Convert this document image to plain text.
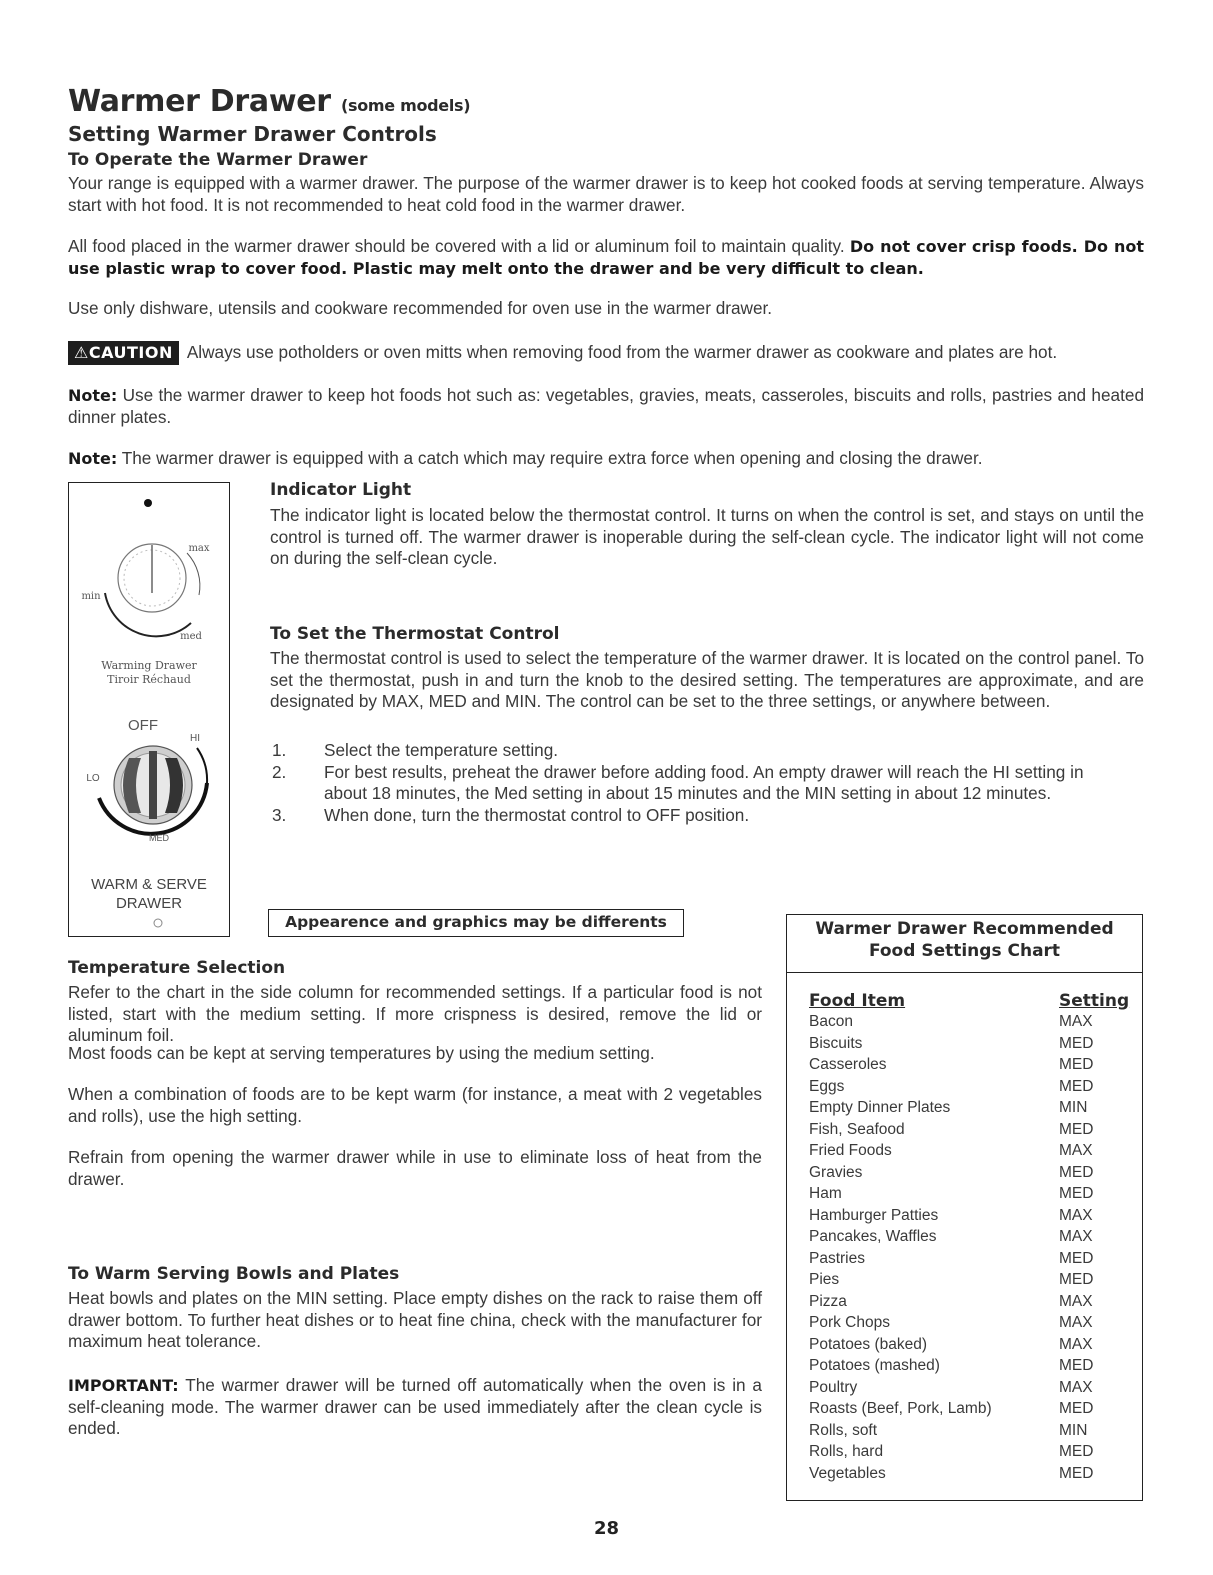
Warmer Drawer (some models)
Setting Warmer Drawer Controls
To Operate the Warmer Drawer

Your range is equipped with a warmer drawer. The purpose of the warmer drawer is to keep hot cooked foods at serving temperature. Always start with hot food. It is not recommended to heat cold food in the warmer drawer.

All food placed in the warmer drawer should be covered with a lid or aluminum foil to maintain quality. Do not cover crisp foods. Do not use plastic wrap to cover food. Plastic may melt onto the drawer and be very difficult to clean.

Use only dishware, utensils and cookware recommended for oven use in the warmer drawer.

⚠CAUTION Always use potholders or oven mitts when removing food from the warmer drawer as cookware and plates are hot.

Note: Use the warmer drawer to keep hot foods hot such as: vegetables, gravies, meats, casseroles, biscuits and rolls, pastries and heated dinner plates.

Note: The warmer drawer is equipped with a catch which may require extra force when opening and closing the drawer.

min
max
med
Warming Drawer
Tiroir Réchaud
OFF
HI
LO
MED
WARM & SERVE
DRAWER
Indicator Light

The indicator light is located below the thermostat control. It turns on when the control is set, and stays on until the control is turned off. The warmer drawer is inoperable during the self-clean cycle. The indicator light will not come on during the self-clean cycle.

To Set the Thermostat Control

The thermostat control is used to select the temperature of the warmer drawer. It is located on the control panel. To set the thermostat, push in and turn the knob to the desired setting. The temperatures are approximate, and are designated by MAX, MED and MIN. The control can be set to the three settings, or anywhere between.

1. Select the temperature setting.
2. For best results, preheat the drawer before adding food. An empty drawer will reach the HI setting in about 18 minutes, the Med setting in about 15 minutes and the MIN setting in about 12 minutes.
3. When done, turn the thermostat control to OFF position.
Appearence and graphics may be differents
Temperature Selection

Refer to the chart in the side column for recommended settings. If a particular food is not listed, start with the medium setting. If more crispness is desired, remove the lid or aluminum foil.

Most foods can be kept at serving temperatures by using the medium setting.

When a combination of foods are to be kept warm (for instance, a meat with 2 vegetables and rolls), use the high setting.

Refrain from opening the warmer drawer while in use to eliminate loss of heat from the drawer.

To Warm Serving Bowls and Plates

Heat bowls and plates on the MIN setting. Place empty dishes on the rack to raise them off drawer bottom. To further heat dishes or to heat fine china, check with the manufacturer for maximum heat tolerance.

IMPORTANT: The warmer drawer will be turned off automatically when the oven is in a self-cleaning mode. The warmer drawer can be used immediately after the clean cycle is ended.

Warmer Drawer Recommended
Food Settings Chart
Food Item	Setting
Bacon	MAX
Biscuits	MED
Casseroles	MED
Eggs	MED
Empty Dinner Plates	MIN
Fish, Seafood	MED
Fried Foods	MAX
Gravies	MED
Ham	MED
Hamburger Patties	MAX
Pancakes, Waffles	MAX
Pastries	MED
Pies	MED
Pizza	MAX
Pork Chops	MAX
Potatoes (baked)	MAX
Potatoes (mashed)	MED
Poultry	MAX
Roasts (Beef, Pork, Lamb)	MED
Rolls, soft	MIN
Rolls, hard	MED
Vegetables	MED
28
